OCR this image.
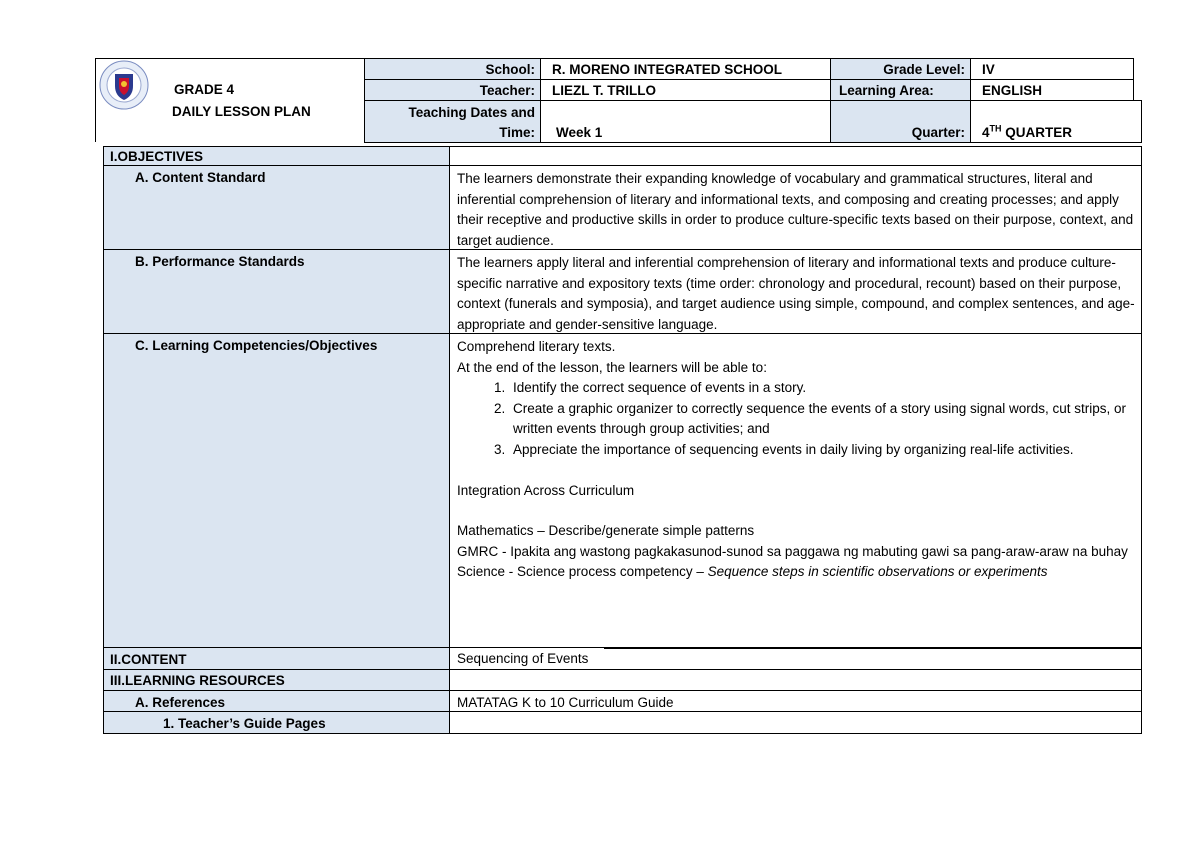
GRADE 4
DAILY LESSON PLAN
School: R. MORENO INTEGRATED SCHOOL	Grade Level: IV
Teacher: LIEZL T. TRILLO	Learning Area:	ENGLISH
Teaching Dates and
Time: Week 1	Quarter: 4TH QUARTER
I.OBJECTIVES
A. Content Standard	The learners demonstrate their expanding knowledge of vocabulary and grammatical structures, literal and inferential comprehension of literary and informational texts, and composing and creating processes; and apply their receptive and productive skills in order to produce culture-specific texts based on their purpose, context, and target audience.
B. Performance Standards	The learners apply literal and inferential comprehension of literary and informational texts and produce culture-specific narrative and expository texts (time order: chronology and procedural, recount) based on their purpose, context (funerals and symposia), and target audience using simple, compound, and complex sentences, and age-appropriate and gender-sensitive language.
C. Learning Competencies/Objectives	Comprehend literary texts.

At the end of the lesson, the learners will be able to:

1. Identify the correct sequence of events in a story.
2. Create a graphic organizer to correctly sequence the events of a story using signal words, cut strips, or written events through group activities; and
3. Appreciate the importance of sequencing events in daily living by organizing real-life activities.

Integration Across Curriculum

Mathematics – Describe/generate simple patterns

GMRC - Ipakita ang wastong pagkakasunod-sunod sa paggawa ng mabuting gawi sa pang-araw-araw na buhay

Science - Science process competency – Sequence steps in scientific observations or experiments

II.CONTENT	Sequencing of Events
III.LEARNING RESOURCES
A. References	MATATAG K to 10 Curriculum Guide
1. Teacher’s Guide Pages
